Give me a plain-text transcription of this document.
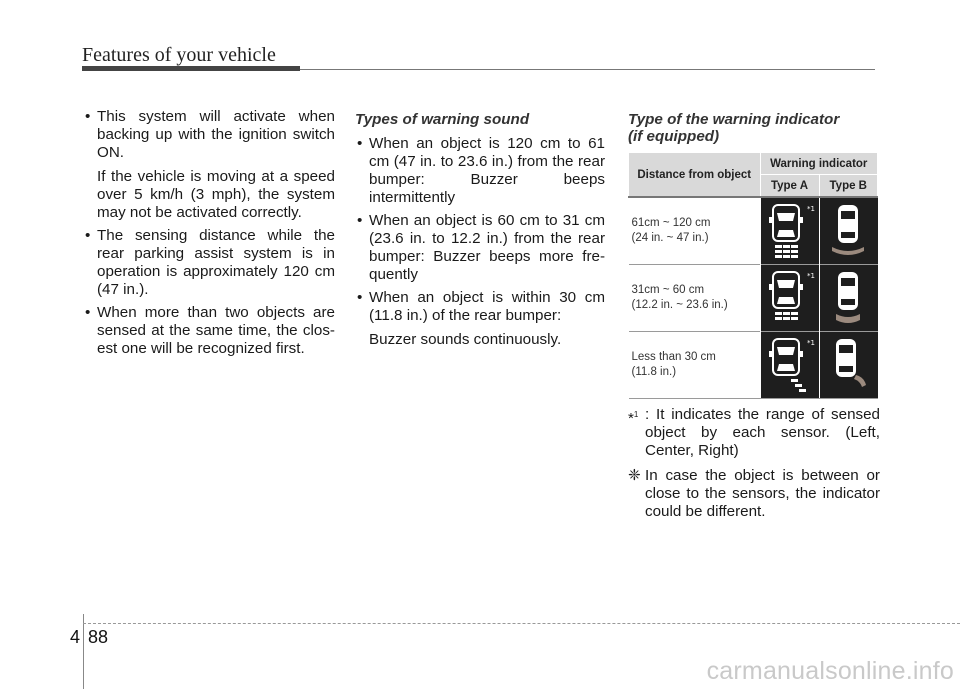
Features of your vehicle
• This system will activate when backing up with the ignition switch ON.
If the vehicle is moving at a speed over 5 km/h (3 mph), the system may not be activated correctly.
• The sensing distance while the rear parking assist system is in operation is approximately 120 cm (47 in.).
• When more than two objects are sensed at the same time, the clos-est one will be recognized first.
Types of warning sound
• When an object is 120 cm to 61 cm (47 in. to 23.6 in.) from the rear bumper: Buzzer beeps intermittently
• When an object is 60 cm to 31 cm (23.6 in. to 12.2 in.) from the rear bumper: Buzzer beeps more fre-quently
• When an object is within 30 cm (11.8 in.) of the rear bumper:
Buzzer sounds continuously.
Type of the warning indicator
(if equipped)
Distance from object	Warning indicator	
	Type A	Type B
61cm ~ 120 cm
(24 in. ~ 47 in.)	*1

31cm ~ 60 cm
(12.2 in. ~ 23.6 in.)	*1

Less than 30 cm
(11.8 in.)	*1

*$^1$ : It indicates the range of sensed object by each sensor. (Left, Center, Right)
❈ In case the object is between or close to the sensors, the indicator could be different.
4 88
carmanualsonline.info
